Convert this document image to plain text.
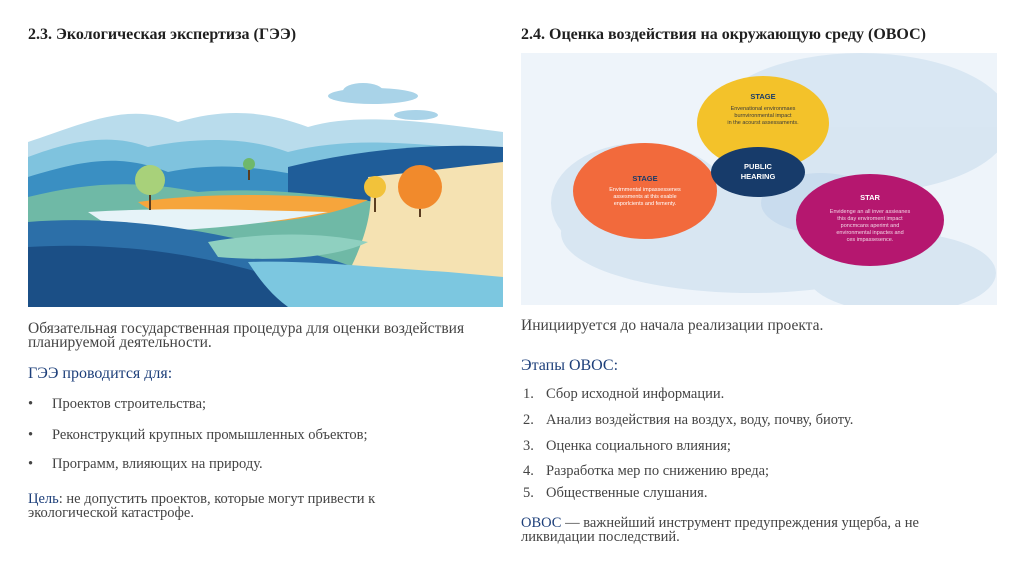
2.3. Экологическая экспертиза (ГЭЭ)
Обязательная государственная процедура для оценки воздействия планируемой деятельности.
ГЭЭ проводится для:
• Проектов строительства;
• Реконструкций крупных промышленных объектов;
• Программ, влияющих на природу.
Цель: не допустить проектов, которые могут привести к экологической катастрофе.
2.4. Оценка воздействия на окружающую среду (ОВОС)
STAGE
Envenational environmaes
burnvironmental impact
in the acourst assessaments.
STAGE
Envirnmental impassessenes
assesments at this esable
enporlcients and fementy.
PUBLIC
HEARING
STAR
Envidenge an all inver assieanes
this day enviroment impact
poncmcans aperimt and
environmental inpactes and
ces impassesence.
Инициируется до начала реализации проекта.
Этапы ОВОС:
1. Сбор исходной информации.
2. Анализ воздействия на воздух, воду, почву, биоту.
3. Оценка социального влияния;
4. Разработка мер по снижению вреда;
5. Общественные слушания.
ОВОС — важнейший инструмент предупреждения ущерба, а не ликвидации последствий.
